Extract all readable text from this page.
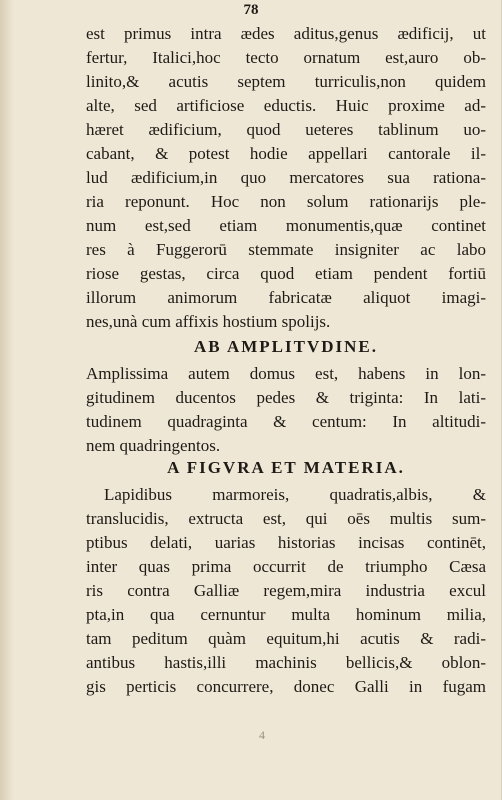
78
est primus intra ædes aditus,genus ædificij, ut
fertur, Italici,hoc tecto ornatum est,auro ob-
linito,& acutis septem turriculis,non quidem
alte, sed artificiose eductis. Huic proxime ad-
hæret ædificium, quod ueteres tablinum uo-
cabant, & potest hodie appellari cantorale il-
lud ædificium,in quo mercatores sua rationa-
ria reponunt. Hoc non solum rationarijs ple-
num est,sed etiam monumentis,quæ continet
res à Fuggerorū stemmate insigniter ac labo
riose gestas, circa quod etiam pendent fortiū
illorum animorum fabricatæ aliquot imagi-
nes,unà cum affixis hostium spolijs.
AB AMPLITVDINE.
Amplissima autem domus est, habens in lon-
gitudinem ducentos pedes & triginta: In lati-
tudinem quadraginta & centum: In altitudi-
nem quadringentos.
A FIGVRA ET MATERIA.
Lapidibus marmoreis, quadratis,albis, &
translucidis, extructa est, qui oēs multis sum-
ptibus delati, uarias historias incisas continēt,
inter quas prima occurrit de triumpho Cæsa
ris contra Galliæ regem,mira industria excul
pta,in qua cernuntur multa hominum milia,
tam peditum quàm equitum,hi acutis & radi-
antibus hastis,illi machinis bellicis,& oblon-
gis perticis concurrere, donec Galli in fugam
4
